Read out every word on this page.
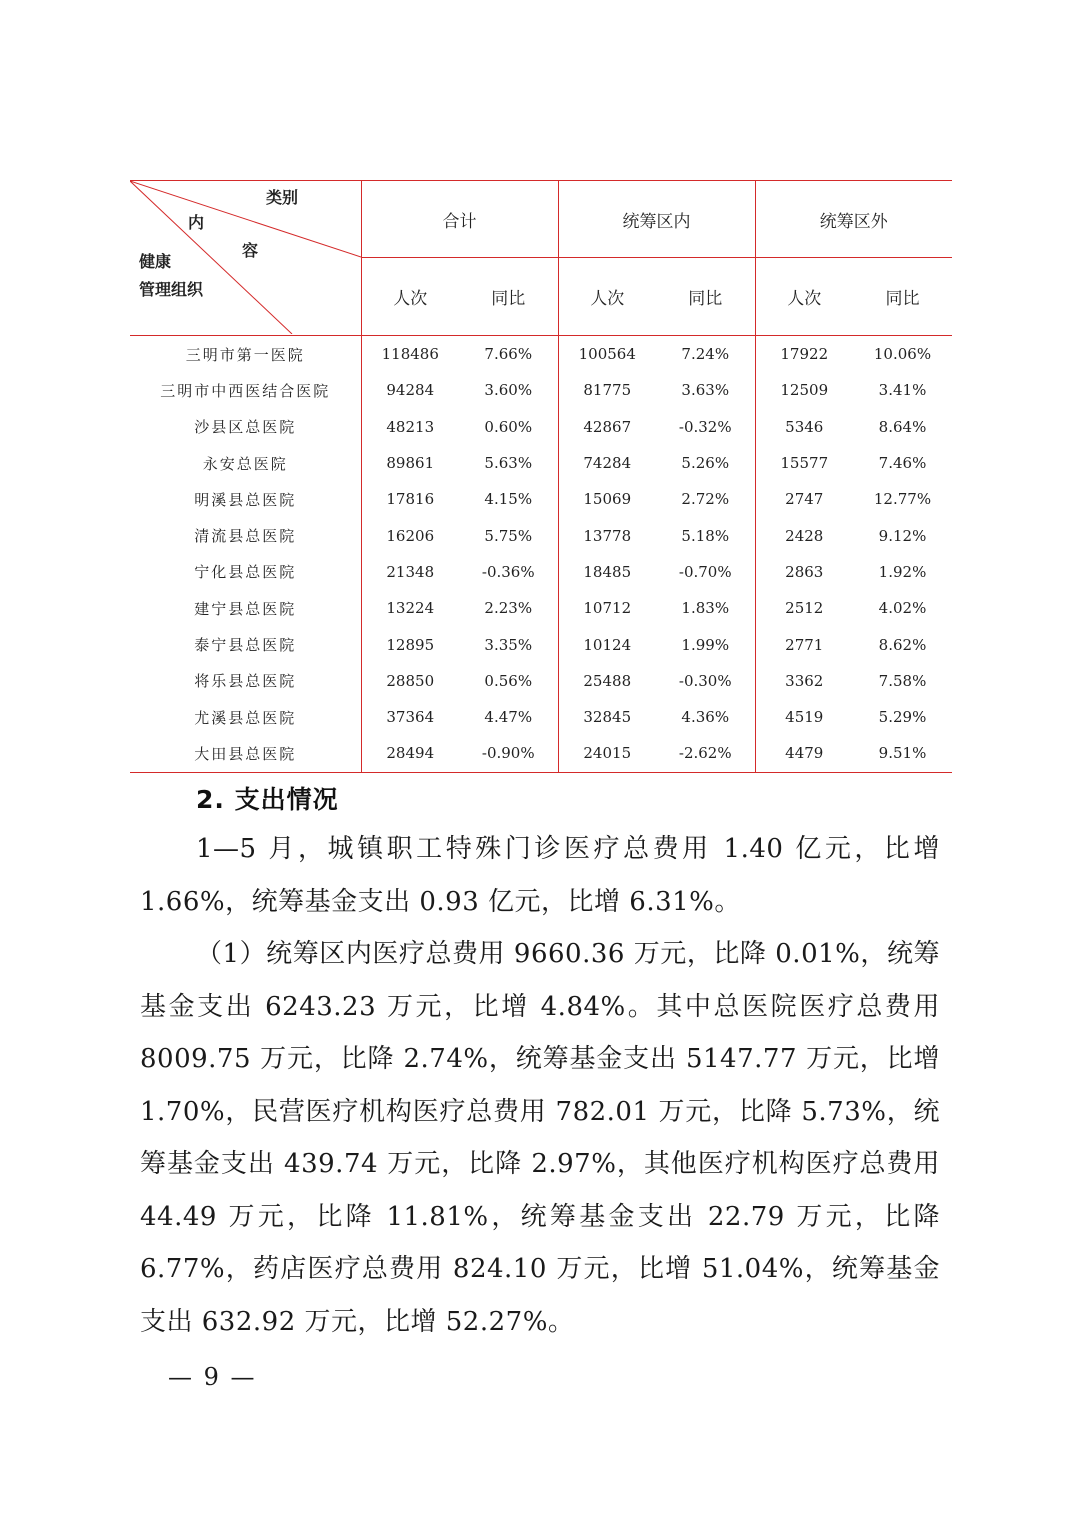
类别
内
容
健康
管理组织	合计		统筹区内		统筹区外	
	人次	同比	人次	同比	人次	同比
三明市第一医院	118486	7.66%	100564	7.24%	17922	10.06%
三明市中西医结合医院	94284	3.60%	81775	3.63%	12509	3.41%
沙县区总医院	48213	0.60%	42867	-0.32%	5346	8.64%
永安总医院	89861	5.63%	74284	5.26%	15577	7.46%
明溪县总医院	17816	4.15%	15069	2.72%	2747	12.77%
清流县总医院	16206	5.75%	13778	5.18%	2428	9.12%
宁化县总医院	21348	-0.36%	18485	-0.70%	2863	1.92%
建宁县总医院	13224	2.23%	10712	1.83%	2512	4.02%
泰宁县总医院	12895	3.35%	10124	1.99%	2771	8.62%
将乐县总医院	28850	0.56%	25488	-0.30%	3362	7.58%
尤溪县总医院	37364	4.47%	32845	4.36%	4519	5.29%
大田县总医院	28494	-0.90%	24015	-2.62%	4479	9.51%
2. 支出情况

1—5 月，城镇职工特殊门诊医疗总费用 1.40 亿元，比增 1.66%，统筹基金支出 0.93 亿元，比增 6.31%。

（1）统筹区内医疗总费用 9660.36 万元，比降 0.01%，统筹基金支出 6243.23 万元，比增 4.84%。其中总医院医疗总费用 8009.75 万元，比降 2.74%，统筹基金支出 5147.77 万元，比增 1.70%，民营医疗机构医疗总费用 782.01 万元，比降 5.73%，统筹基金支出 439.74 万元，比降 2.97%，其他医疗机构医疗总费用 44.49 万元，比降 11.81%，统筹基金支出 22.79 万元，比降 6.77%，药店医疗总费用 824.10 万元，比增 51.04%，统筹基金支出 632.92 万元，比增 52.27%。

— 9 —
